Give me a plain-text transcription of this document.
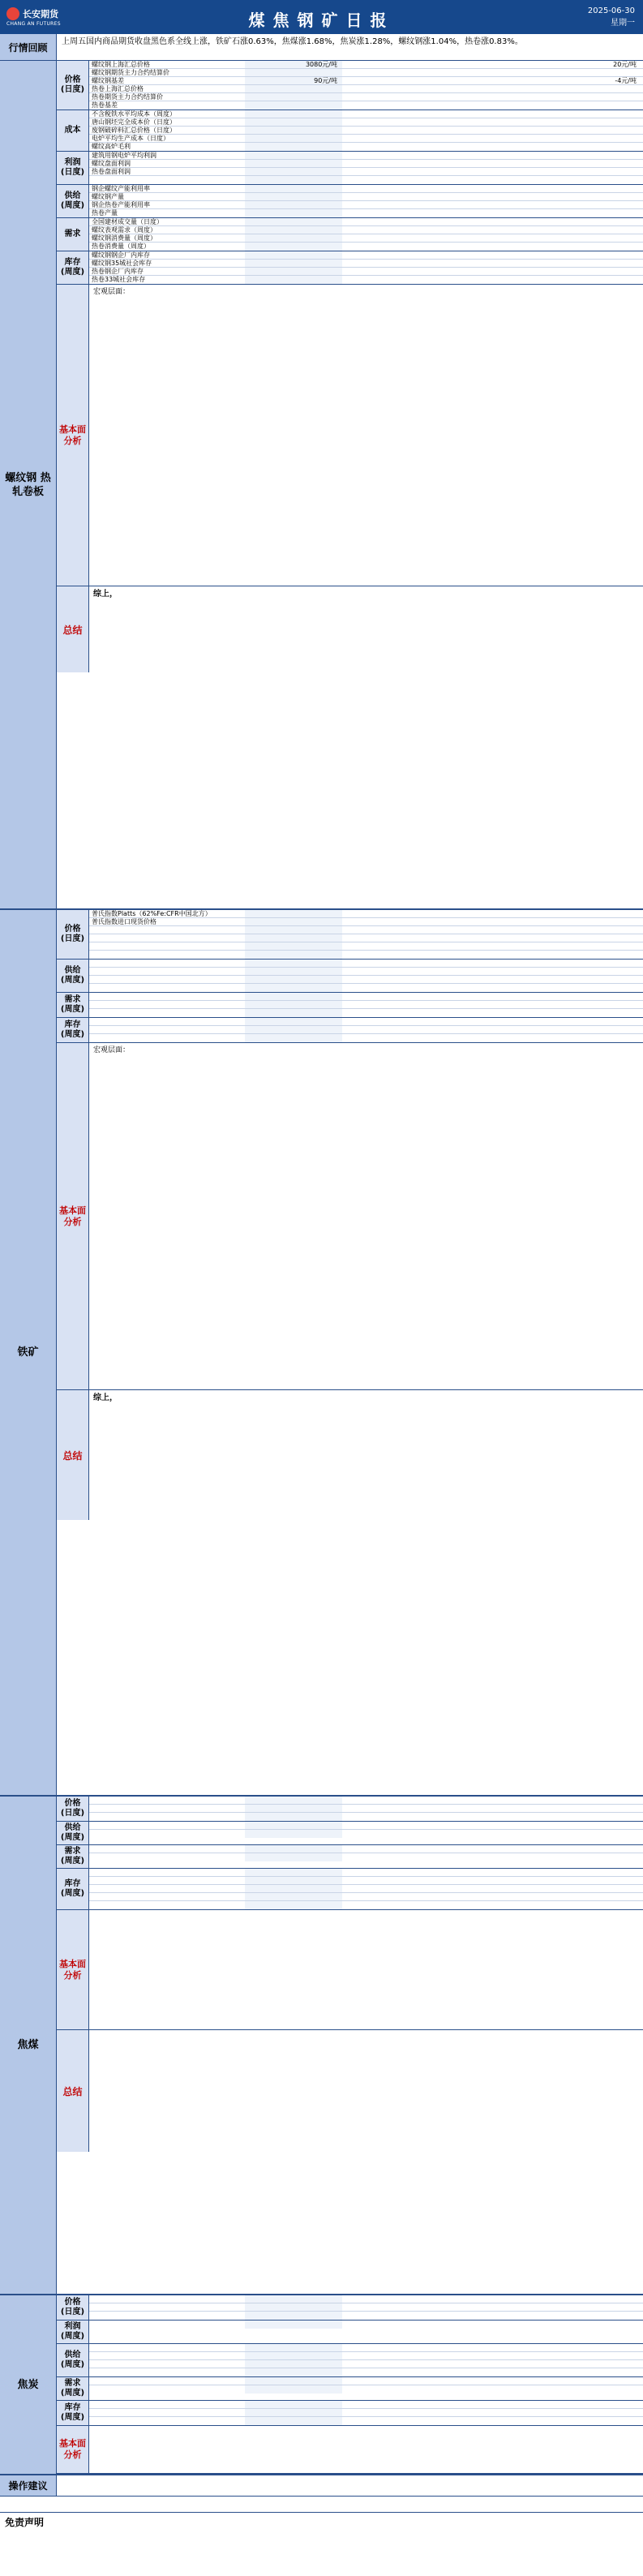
长安期货
CHANG AN FUTURES	煤焦钢矿日报	2025-06-30
星期一
行情回顾	上周五国内商品期货收盘黑色系全线上涨，铁矿石涨0.63%，焦煤涨1.68%，焦炭涨1.28%，螺纹钢涨1.04%，热卷涨0.83%。
螺纹钢 热轧卷板
价格 (日度)
螺纹钢上海汇总价格	3080元/吨	20元/吨
螺纹钢期货主力合约结算价
螺纹钢基差	90元/吨	-4元/吨
热卷上海汇总价格
热卷期货主力合约结算价
热卷基差
成本
不含税铁水平均成本（周度）
唐山钢坯完全成本价（日度）
废钢破碎料汇总价格（日度）
电炉平均生产成本（日度）
螺纹高炉毛利
利润 (日度)
建筑用钢电炉平均利润
螺纹盘面利润
热卷盘面利润
供给 (周度)
钢企螺纹产能利用率
螺纹钢产量
钢企热卷产能利用率
热卷产量
需求
全国建材成交量（日度）
螺纹表观需求（周度）
螺纹钢消费量（周度）
热卷消费量（周度）
库存 (周度)
螺纹钢钢企厂内库存
螺纹钢35城社会库存
热卷钢企厂内库存
热卷33城社会库存
基本面 分析
宏观层面：
总结
综上，
铁矿
价格 (日度)
普氏指数Platts（62%Fe:CFR中国北方）
普氏指数进口现货价格
供给 (周度)
需求 (周度)
库存 (周度)
基本面 分析
宏观层面：
总结
综上，
焦煤
价格 (日度)
供给 (周度)
需求 (周度)
库存 (周度)
基本面 分析
总结
焦炭
价格 (日度)
利润 (周度)
供给 (周度)
需求 (周度)
库存 (周度)
基本面 分析
操作建议
免责声明
